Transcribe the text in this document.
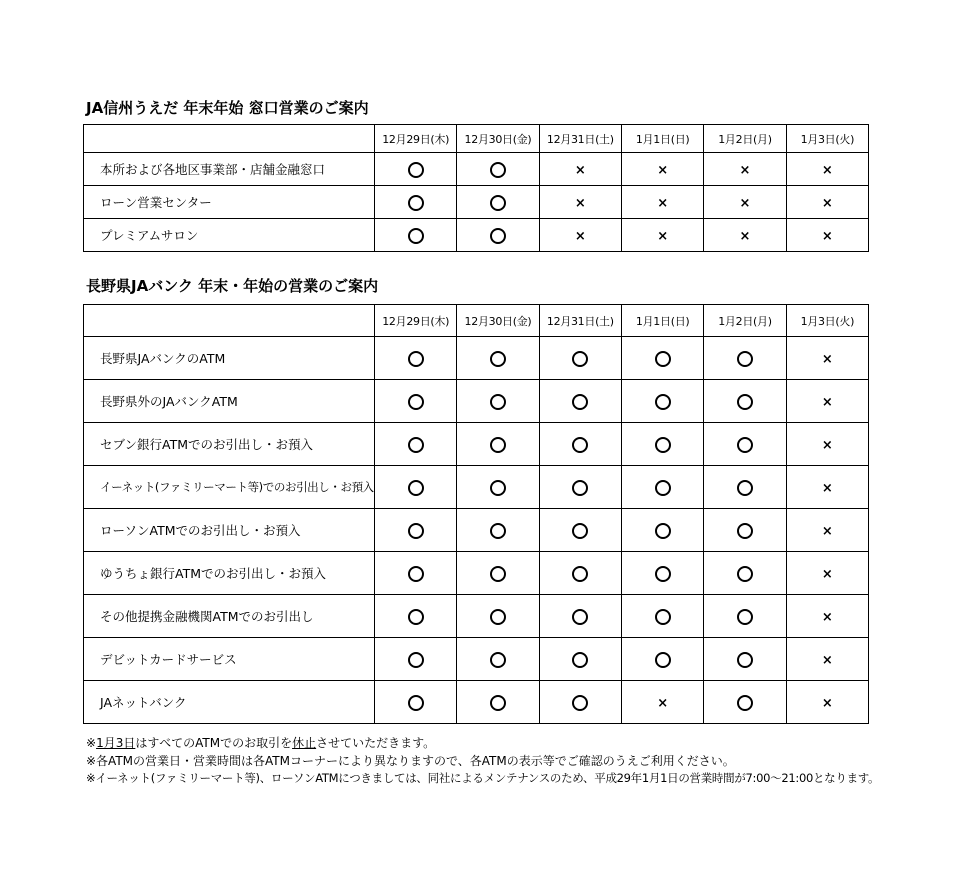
JA信州うえだ 年末年始 窓口営業のご案内
	12月29日(木)	12月30日(金)	12月31日(土)	1月1日(日)	1月2日(月)	1月3日(火)
本所および各地区事業部・店舗金融窓口			×	×	×	×
ローン営業センター			×	×	×	×
プレミアムサロン			×	×	×	×
長野県JAバンク 年末・年始の営業のご案内
	12月29日(木)	12月30日(金)	12月31日(土)	1月1日(日)	1月2日(月)	1月3日(火)
長野県JAバンクのATM						×
長野県外のJAバンクATM						×
セブン銀行ATMでのお引出し・お預入						×
イーネット(ファミリーマート等)でのお引出し・お預入						×
ローソンATMでのお引出し・お預入						×
ゆうちょ銀行ATMでのお引出し・お預入						×
その他提携金融機関ATMでのお引出し						×
デビットカードサービス						×
JAネットバンク				×		×
※1月3日はすべてのATMでのお取引を休止させていただきます。
※各ATMの営業日・営業時間は各ATMコーナーにより異なりますので、各ATMの表示等でご確認のうえご利用ください。
※イーネット(ファミリーマート等)、ローソンATMにつきましては、同社によるメンテナンスのため、平成29年1月1日の営業時間が7:00〜21:00となります。
